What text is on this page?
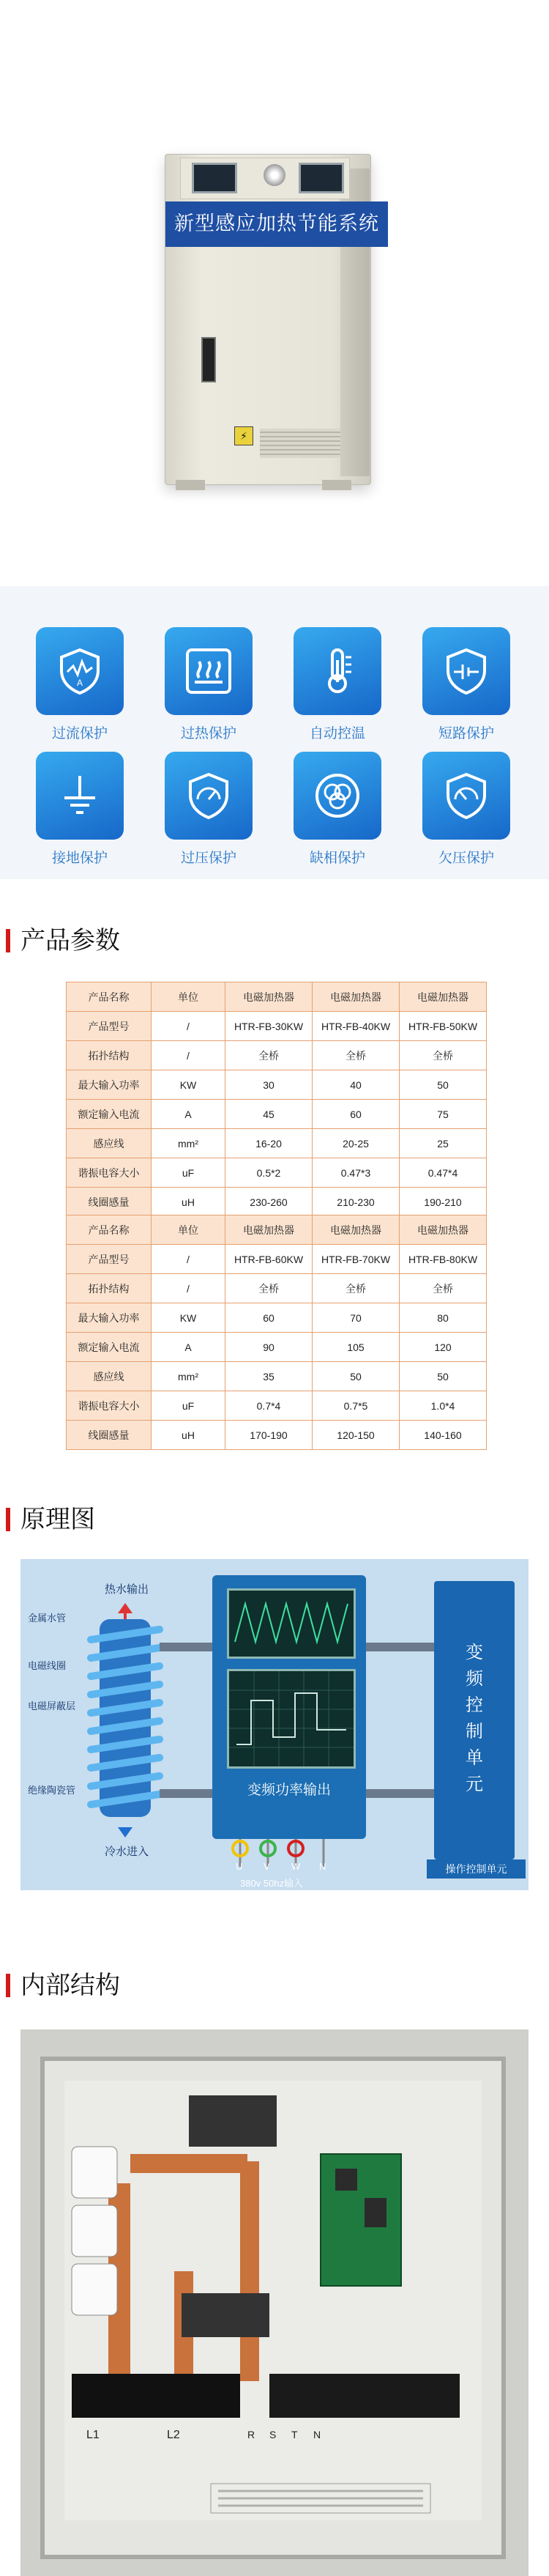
新型感应加热节能系统
⚡
A
过流保护	过热保护	自动控温	短路保护
接地保护	过压保护	缺相保护	欠压保护
产品参数
产品名称	单位	电磁加热器	电磁加热器	电磁加热器
产品型号	/	HTR-FB-30KW	HTR-FB-40KW	HTR-FB-50KW
拓扑结构	/	全桥	全桥	全桥
最大输入功率	KW	30	40	50
额定输入电流	A	45	60	75
感应线	mm²	16-20	20-25	25
谐振电容大小	uF	0.5*2	0.47*3	0.47*4
线圈感量	uH	230-260	210-230	190-210
产品名称	单位	电磁加热器	电磁加热器	电磁加热器
产品型号	/	HTR-FB-60KW	HTR-FB-70KW	HTR-FB-80KW
拓扑结构	/	全桥	全桥	全桥
最大输入功率	KW	60	70	80
额定输入电流	A	90	105	120
感应线	mm²	35	50	50
谐振电容大小	uF	0.7*4	0.7*5	1.0*4
线圈感量	uH	170-190	120-150	140-160
原理图
变频功率输出
变频控制单元
操作控制单元
热水输出
冷水进入
金属水管
电磁线圈
电磁屏蔽层
绝缘陶瓷管
U V W N
380v 50hz输入
内部结构
L1	L2	R S T N
